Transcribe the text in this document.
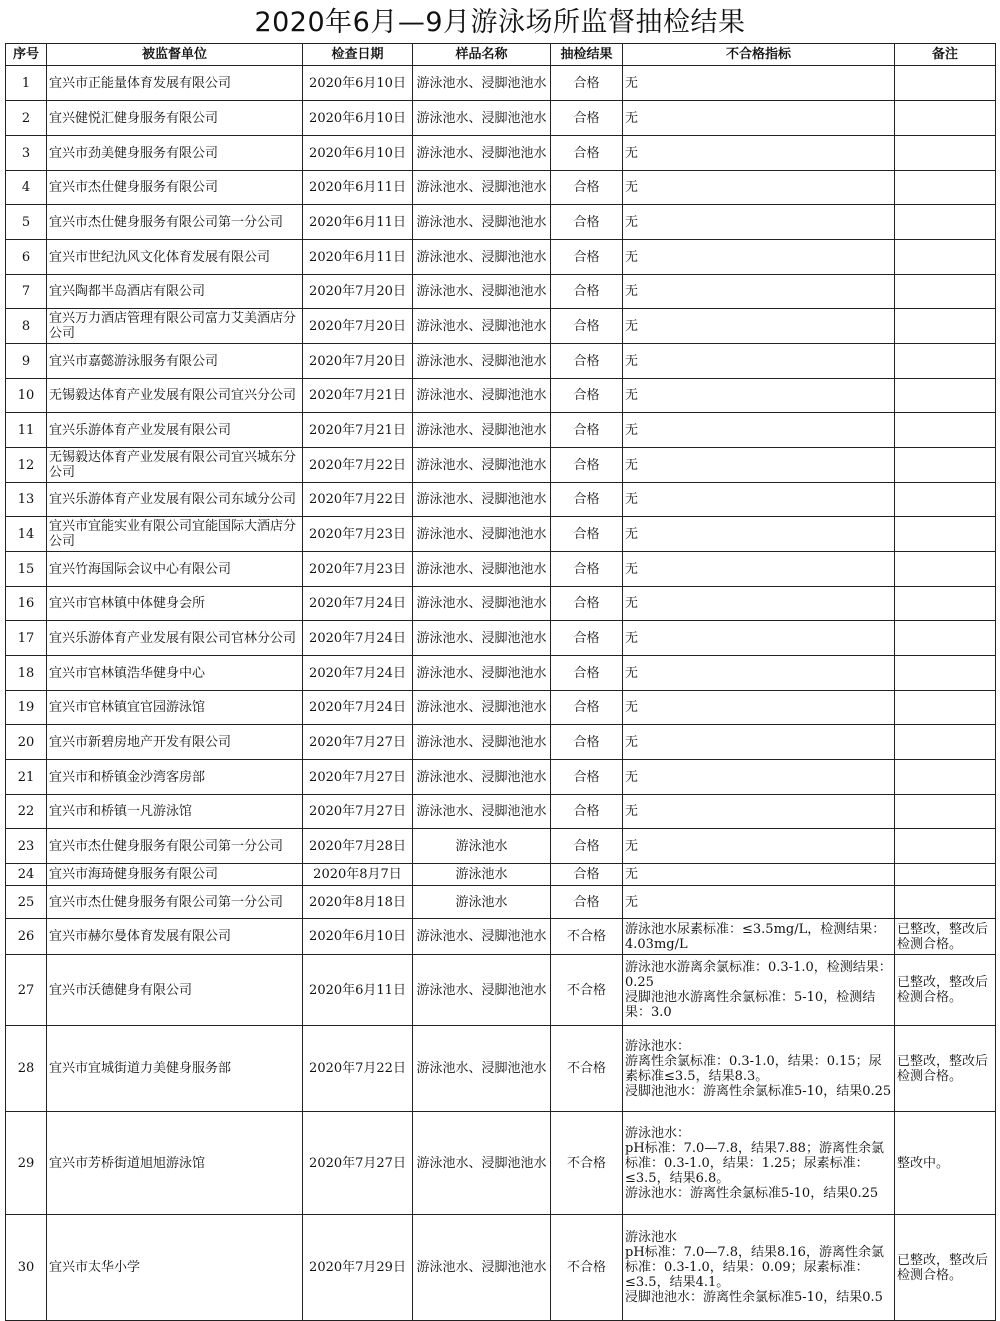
2020年6月—9月游泳场所监督抽检结果
序号	被监督单位	检查日期	样品名称	抽检结果	不合格指标	备注
1	宜兴市正能量体育发展有限公司	2020年6月10日	游泳池水、浸脚池池水	合格	无	
2	宜兴健悦汇健身服务有限公司	2020年6月10日	游泳池水、浸脚池池水	合格	无	
3	宜兴市劲美健身服务有限公司	2020年6月10日	游泳池水、浸脚池池水	合格	无	
4	宜兴市杰仕健身服务有限公司	2020年6月11日	游泳池水、浸脚池池水	合格	无	
5	宜兴市杰仕健身服务有限公司第一分公司	2020年6月11日	游泳池水、浸脚池池水	合格	无	
6	宜兴市世纪氿风文化体育发展有限公司	2020年6月11日	游泳池水、浸脚池池水	合格	无	
7	宜兴陶都半岛酒店有限公司	2020年7月20日	游泳池水、浸脚池池水	合格	无	
8	宜兴万力酒店管理有限公司富力艾美酒店分公司	2020年7月20日	游泳池水、浸脚池池水	合格	无	
9	宜兴市嘉懿游泳服务有限公司	2020年7月20日	游泳池水、浸脚池池水	合格	无	
10	无锡毅达体育产业发展有限公司宜兴分公司	2020年7月21日	游泳池水、浸脚池池水	合格	无	
11	宜兴乐游体育产业发展有限公司	2020年7月21日	游泳池水、浸脚池池水	合格	无	
12	无锡毅达体育产业发展有限公司宜兴城东分公司	2020年7月22日	游泳池水、浸脚池池水	合格	无	
13	宜兴乐游体育产业发展有限公司东域分公司	2020年7月22日	游泳池水、浸脚池池水	合格	无	
14	宜兴市宜能实业有限公司宜能国际大酒店分公司	2020年7月23日	游泳池水、浸脚池池水	合格	无	
15	宜兴竹海国际会议中心有限公司	2020年7月23日	游泳池水、浸脚池池水	合格	无	
16	宜兴市官林镇中体健身会所	2020年7月24日	游泳池水、浸脚池池水	合格	无	
17	宜兴乐游体育产业发展有限公司官林分公司	2020年7月24日	游泳池水、浸脚池池水	合格	无	
18	宜兴市官林镇浩华健身中心	2020年7月24日	游泳池水、浸脚池池水	合格	无	
19	宜兴市官林镇宜官园游泳馆	2020年7月24日	游泳池水、浸脚池池水	合格	无	
20	宜兴市新碧房地产开发有限公司	2020年7月27日	游泳池水、浸脚池池水	合格	无	
21	宜兴市和桥镇金沙湾客房部	2020年7月27日	游泳池水、浸脚池池水	合格	无	
22	宜兴市和桥镇一凡游泳馆	2020年7月27日	游泳池水、浸脚池池水	合格	无	
23	宜兴市杰仕健身服务有限公司第一分公司	2020年7月28日	游泳池水	合格	无	
24	宜兴市海琦健身服务有限公司	2020年8月7日	游泳池水	合格	无	
25	宜兴市杰仕健身服务有限公司第一分公司	2020年8月18日	游泳池水	合格	无	
26	宜兴市赫尔曼体育发展有限公司	2020年6月10日	游泳池水、浸脚池池水	不合格	游泳池水尿素标准：≤3.5mg/L，检测结果：4.03mg/L	已整改，整改后检测合格。
27	宜兴市沃德健身有限公司	2020年6月11日	游泳池水、浸脚池池水	不合格	游泳池水游离余氯标准：0.3-1.0，检测结果：0.25
浸脚池池水游离性余氯标准：5-10，检测结果：3.0	已整改，整改后检测合格。
28	宜兴市宜城街道力美健身服务部	2020年7月22日	游泳池水、浸脚池池水	不合格	游泳池水：
游离性余氯标准：0.3-1.0，结果：0.15；尿素标准≤3.5，结果8.3。
浸脚池池水：游离性余氯标准5-10，结果0.25	已整改，整改后检测合格。
29	宜兴市芳桥街道旭旭游泳馆	2020年7月27日	游泳池水、浸脚池池水	不合格	游泳池水：
pH标准：7.0—7.8，结果7.88；游离性余氯标准：0.3-1.0，结果：1.25；尿素标准：≤3.5，结果6.8。
游泳池水：游离性余氯标准5-10，结果0.25	整改中。
30	宜兴市太华小学	2020年7月29日	游泳池水、浸脚池池水	不合格	游泳池水
pH标准：7.0—7.8，结果8.16，游离性余氯标准：0.3-1.0，结果：0.09；尿素标准：≤3.5，结果4.1。
浸脚池池水：游离性余氯标准5-10，结果0.5	已整改，整改后检测合格。
